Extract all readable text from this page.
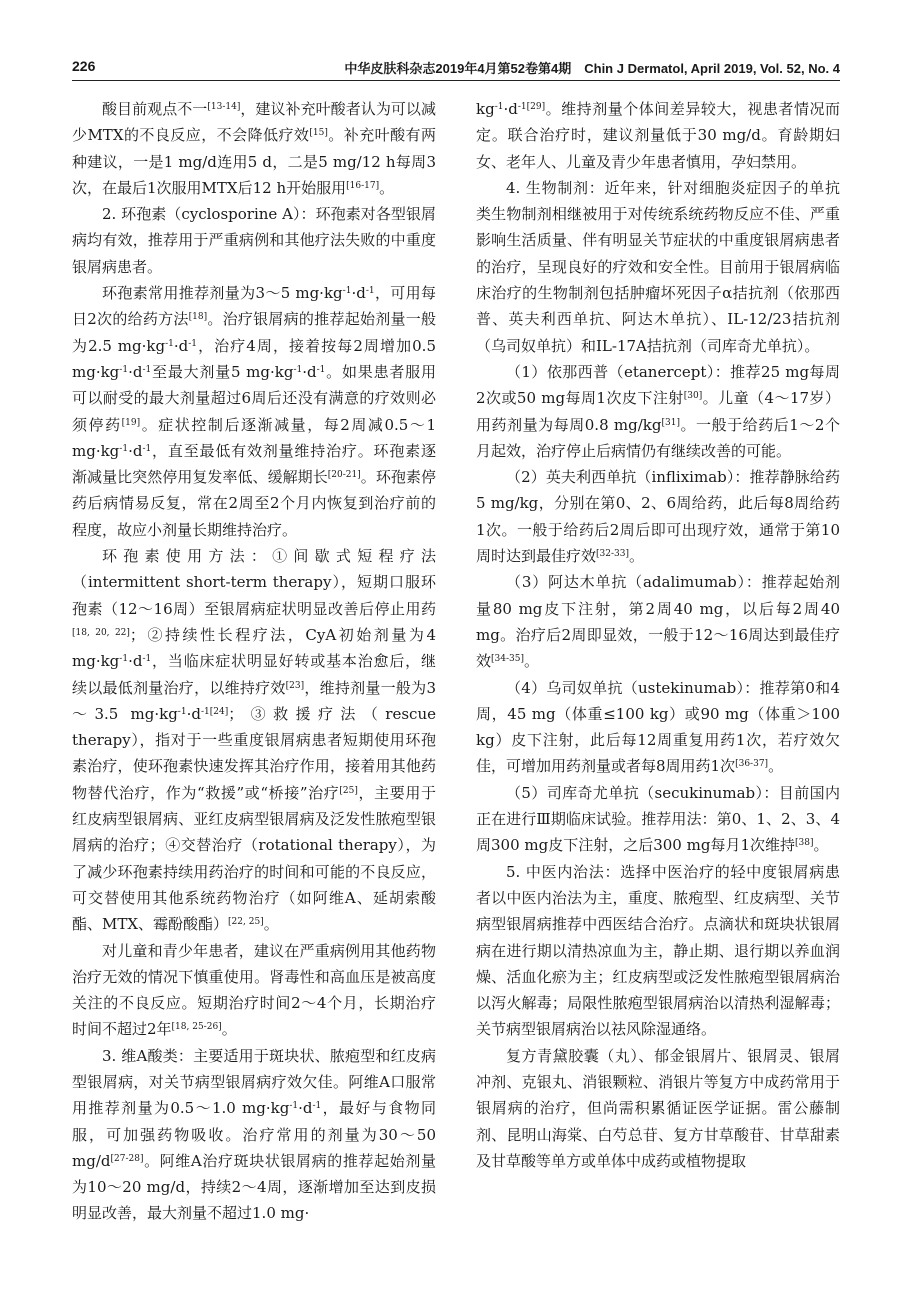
226	中华皮肤科杂志2019年4月第52卷第4期　Chin J Dermatol, April 2019, Vol. 52, No. 4

酸目前观点不一[13-14]，建议补充叶酸者认为可以减少MTX的不良反应，不会降低疗效[15]。补充叶酸有两种建议，一是1 mg/d连用5 d，二是5 mg/12 h每周3次，在最后1次服用MTX后12 h开始服用[16-17]。

2. 环孢素（cyclosporine A）：环孢素对各型银屑病均有效，推荐用于严重病例和其他疗法失败的中重度银屑病患者。

环孢素常用推荐剂量为3～5 $mg\cdot kg^{-1}\cdot d^{-1}$，可用每日2次的给药方法[18]。治疗银屑病的推荐起始剂量一般为2.5 $mg\cdot kg^{-1}\cdot d^{-1}$，治疗4周，接着按每2周增加0.5 $mg\cdot kg^{-1}\cdot d^{-1}$至最大剂量5 $mg\cdot kg^{-1}\cdot d^{-1}$。如果患者服用可以耐受的最大剂量超过6周后还没有满意的疗效则必须停药[19]。症状控制后逐渐减量，每2周减0.5～1 $mg\cdot kg^{-1}\cdot d^{-1}$，直至最低有效剂量维持治疗。环孢素逐渐减量比突然停用复发率低、缓解期长[20-21]。环孢素停药后病情易反复，常在2周至2个月内恢复到治疗前的程度，故应小剂量长期维持治疗。

环孢素使用方法：①间歇式短程疗法（intermittent short-term therapy），短期口服环孢素（12～16周）至银屑病症状明显改善后停止用药[18, 20, 22]；②持续性长程疗法，CyA初始剂量为4 $mg\cdot kg^{-1}\cdot d^{-1}$，当临床症状明显好转或基本治愈后，继续以最低剂量治疗，以维持疗效[23]，维持剂量一般为3～3.5 $mg\cdot kg^{-1}\cdot d^{-1[24]}$；③救援疗法（rescue therapy），指对于一些重度银屑病患者短期使用环孢素治疗，使环孢素快速发挥其治疗作用，接着用其他药物替代治疗，作为“救援”或“桥接”治疗[25]，主要用于红皮病型银屑病、亚红皮病型银屑病及泛发性脓疱型银屑病的治疗；④交替治疗（rotational therapy），为了减少环孢素持续用药治疗的时间和可能的不良反应，可交替使用其他系统药物治疗（如阿维A、延胡索酸酯、MTX、霉酚酸酯）[22, 25]。

对儿童和青少年患者，建议在严重病例用其他药物治疗无效的情况下慎重使用。肾毒性和高血压是被高度关注的不良反应。短期治疗时间2～4个月，长期治疗时间不超过2年[18, 25-26]。

3. 维A酸类：主要适用于斑块状、脓疱型和红皮病型银屑病，对关节病型银屑病疗效欠佳。阿维A口服常用推荐剂量为0.5～1.0 $mg\cdot kg^{-1}\cdot d^{-1}$，最好与食物同服，可加强药物吸收。治疗常用的剂量为30～50 mg/d[27-28]。阿维A治疗斑块状银屑病的推荐起始剂量为10～20 mg/d，持续2～4周，逐渐增加至达到皮损明显改善，最大剂量不超过1.0 mg·

$kg^{-1}\cdot d^{-1[29]}$。维持剂量个体间差异较大，视患者情况而定。联合治疗时，建议剂量低于30 mg/d。育龄期妇女、老年人、儿童及青少年患者慎用，孕妇禁用。

4. 生物制剂：近年来，针对细胞炎症因子的单抗类生物制剂相继被用于对传统系统药物反应不佳、严重影响生活质量、伴有明显关节症状的中重度银屑病患者的治疗，呈现良好的疗效和安全性。目前用于银屑病临床治疗的生物制剂包括肿瘤坏死因子α拮抗剂（依那西普、英夫利西单抗、阿达木单抗）、IL-12/23拮抗剂（乌司奴单抗）和IL-17A拮抗剂（司库奇尤单抗）。

（1）依那西普（etanercept）：推荐25 mg每周2次或50 mg每周1次皮下注射[30]。儿童（4～17岁）用药剂量为每周0.8 mg/kg[31]。一般于给药后1～2个月起效，治疗停止后病情仍有继续改善的可能。

（2）英夫利西单抗（infliximab）：推荐静脉给药5 mg/kg，分别在第0、2、6周给药，此后每8周给药1次。一般于给药后2周后即可出现疗效，通常于第10周时达到最佳疗效[32-33]。

（3）阿达木单抗（adalimumab）：推荐起始剂量80 mg皮下注射，第2周40 mg，以后每2周40 mg。治疗后2周即显效，一般于12～16周达到最佳疗效[34-35]。

（4）乌司奴单抗（ustekinumab）：推荐第0和4周，45 mg（体重≤100 kg）或90 mg（体重＞100 kg）皮下注射，此后每12周重复用药1次，若疗效欠佳，可增加用药剂量或者每8周用药1次[36-37]。

（5）司库奇尤单抗（secukinumab）：目前国内正在进行Ⅲ期临床试验。推荐用法：第0、1、2、3、4周300 mg皮下注射，之后300 mg每月1次维持[38]。

5. 中医内治法：选择中医治疗的轻中度银屑病患者以中医内治法为主，重度、脓疱型、红皮病型、关节病型银屑病推荐中西医结合治疗。点滴状和斑块状银屑病在进行期以清热凉血为主，静止期、退行期以养血润燥、活血化瘀为主；红皮病型或泛发性脓疱型银屑病治以泻火解毒；局限性脓疱型银屑病治以清热利湿解毒；关节病型银屑病治以祛风除湿通络。

复方青黛胶囊（丸）、郁金银屑片、银屑灵、银屑冲剂、克银丸、消银颗粒、消银片等复方中成药常用于银屑病的治疗，但尚需积累循证医学证据。雷公藤制剂、昆明山海棠、白芍总苷、复方甘草酸苷、甘草甜素及甘草酸等单方或单体中成药或植物提取
